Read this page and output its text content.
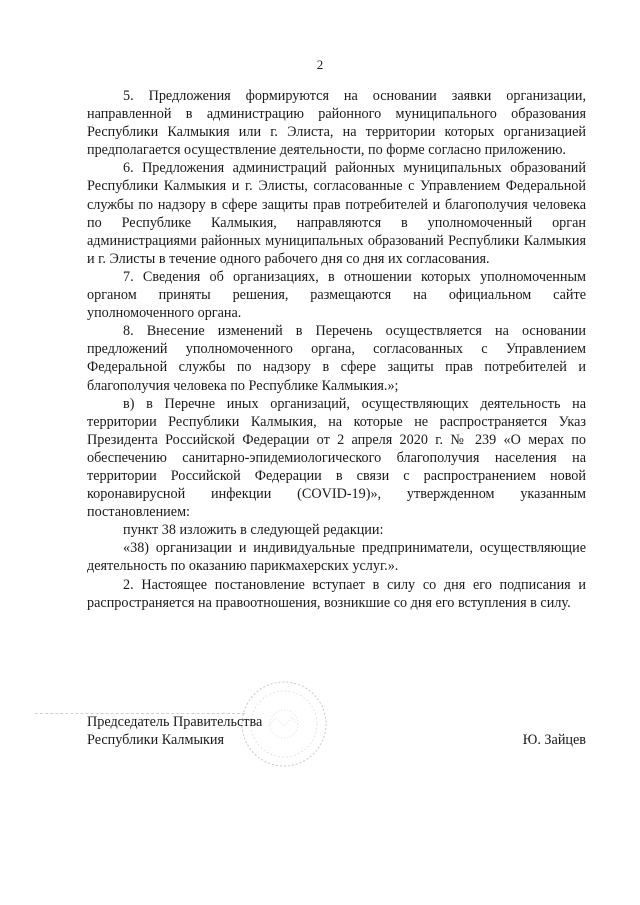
2

5. Предложения формируются на основании заявки организации, направленной в администрацию районного муниципального образования Республики Калмыкия или г. Элиста, на территории которых организацией предполагается осуществление деятельности, по форме согласно приложению.

6. Предложения администраций районных муниципальных образований Республики Калмыкия и г. Элисты, согласованные с Управлением Федеральной службы по надзору в сфере защиты прав потребителей и благополучия человека по Республике Калмыкия, направляются в уполномоченный орган администрациями районных муниципальных образований Республики Калмыкия и г. Элисты в течение одного рабочего дня со дня их согласования.

7. Сведения об организациях, в отношении которых уполномоченным органом приняты решения, размещаются на официальном сайте уполномоченного органа.

8. Внесение изменений в Перечень осуществляется на основании предложений уполномоченного органа, согласованных с Управлением Федеральной службы по надзору в сфере защиты прав потребителей и благополучия человека по Республике Калмыкия.»;

в) в Перечне иных организаций, осуществляющих деятельность на территории Республики Калмыкия, на которые не распространяется Указ Президента Российской Федерации от 2 апреля 2020 г. № 239 «О мерах по обеспечению санитарно-эпидемиологического благополучия населения на территории Российской Федерации в связи с распространением новой коронавирусной инфекции (COVID-19)», утвержденном указанным постановлением:

пункт 38 изложить в следующей редакции:

«38) организации и индивидуальные предприниматели, осуществляющие деятельность по оказанию парикмахерских услуг.».

2. Настоящее постановление вступает в силу со дня его подписания и распространяется на правоотношения, возникшие со дня его вступления в силу.

Председатель Правительства
Республики Калмыкия	Ю. Зайцев
